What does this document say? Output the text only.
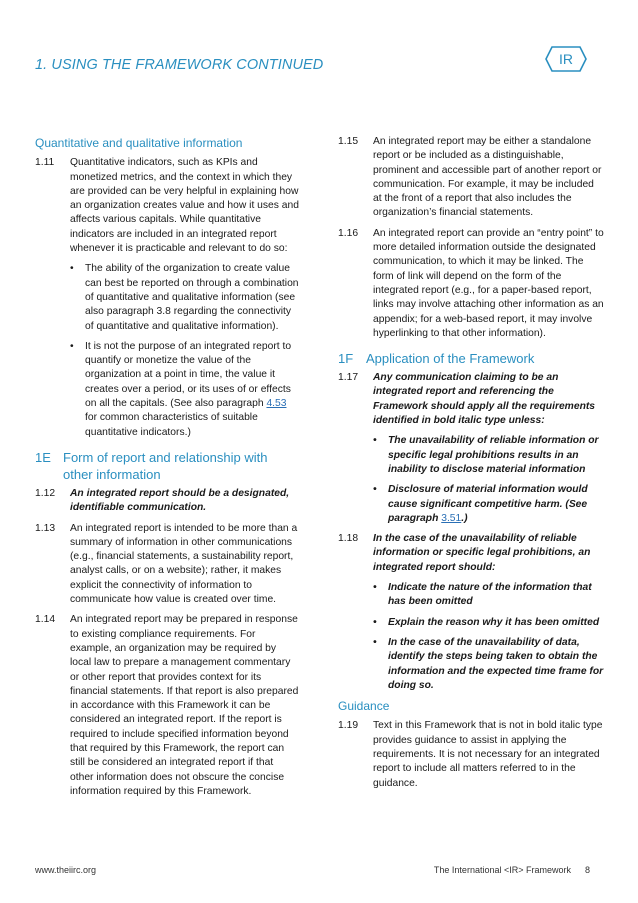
1. USING THE FRAMEWORK CONTINUED	IR
Quantitative and qualitative information
1.11	Quantitative indicators, such as KPIs and monetized metrics, and the context in which they are provided can be very helpful in explaining how an organization creates value and how it uses and affects various capitals. While quantitative indicators are included in an integrated report whenever it is practicable and relevant to do so:
•	The ability of the organization to create value can best be reported on through a combination of quantitative and qualitative information (see also paragraph 3.8 regarding the connectivity of quantitative and qualitative information).
•	It is not the purpose of an integrated report to quantify or monetize the value of the organization at a point in time, the value it creates over a period, or its uses of or effects on all the capitals. (See also paragraph 4.53 for common characteristics of suitable quantitative indicators.)
1E Form of report and relationship with other information
1.12	An integrated report should be a designated, identifiable communication.
1.13	An integrated report is intended to be more than a summary of information in other communications (e.g., financial statements, a sustainability report, analyst calls, or on a website); rather, it makes explicit the connectivity of information to communicate how value is created over time.
1.14	An integrated report may be prepared in response to existing compliance requirements. For example, an organization may be required by local law to prepare a management commentary or other report that provides context for its financial statements. If that report is also prepared in accordance with this Framework it can be considered an integrated report. If the report is required to include specified information beyond that required by this Framework, the report can still be considered an integrated report if that other information does not obscure the concise information required by this Framework.
1.15	An integrated report may be either a standalone report or be included as a distinguishable, prominent and accessible part of another report or communication. For example, it may be included at the front of a report that also includes the organization’s financial statements.
1.16	An integrated report can provide an “entry point” to more detailed information outside the designated communication, to which it may be linked. The form of link will depend on the form of the integrated report (e.g., for a paper-based report, links may involve attaching other information as an appendix; for a web-based report, it may involve hyperlinking to that other information).
1F Application of the Framework
1.17	Any communication claiming to be an integrated report and referencing the Framework should apply all the requirements identified in bold italic type unless:
•	The unavailability of reliable information or specific legal prohibitions results in an inability to disclose material information
•	Disclosure of material information would cause significant competitive harm. (See paragraph 3.51.)
1.18	In the case of the unavailability of reliable information or specific legal prohibitions, an integrated report should:
•	Indicate the nature of the information that has been omitted
•	Explain the reason why it has been omitted
•	In the case of the unavailability of data, identify the steps being taken to obtain the information and the expected time frame for doing so.
Guidance
1.19	Text in this Framework that is not in bold italic type provides guidance to assist in applying the requirements. It is not necessary for an integrated report to include all matters referred to in the guidance.
www.theiirc.org	The International <IR> Framework 8
